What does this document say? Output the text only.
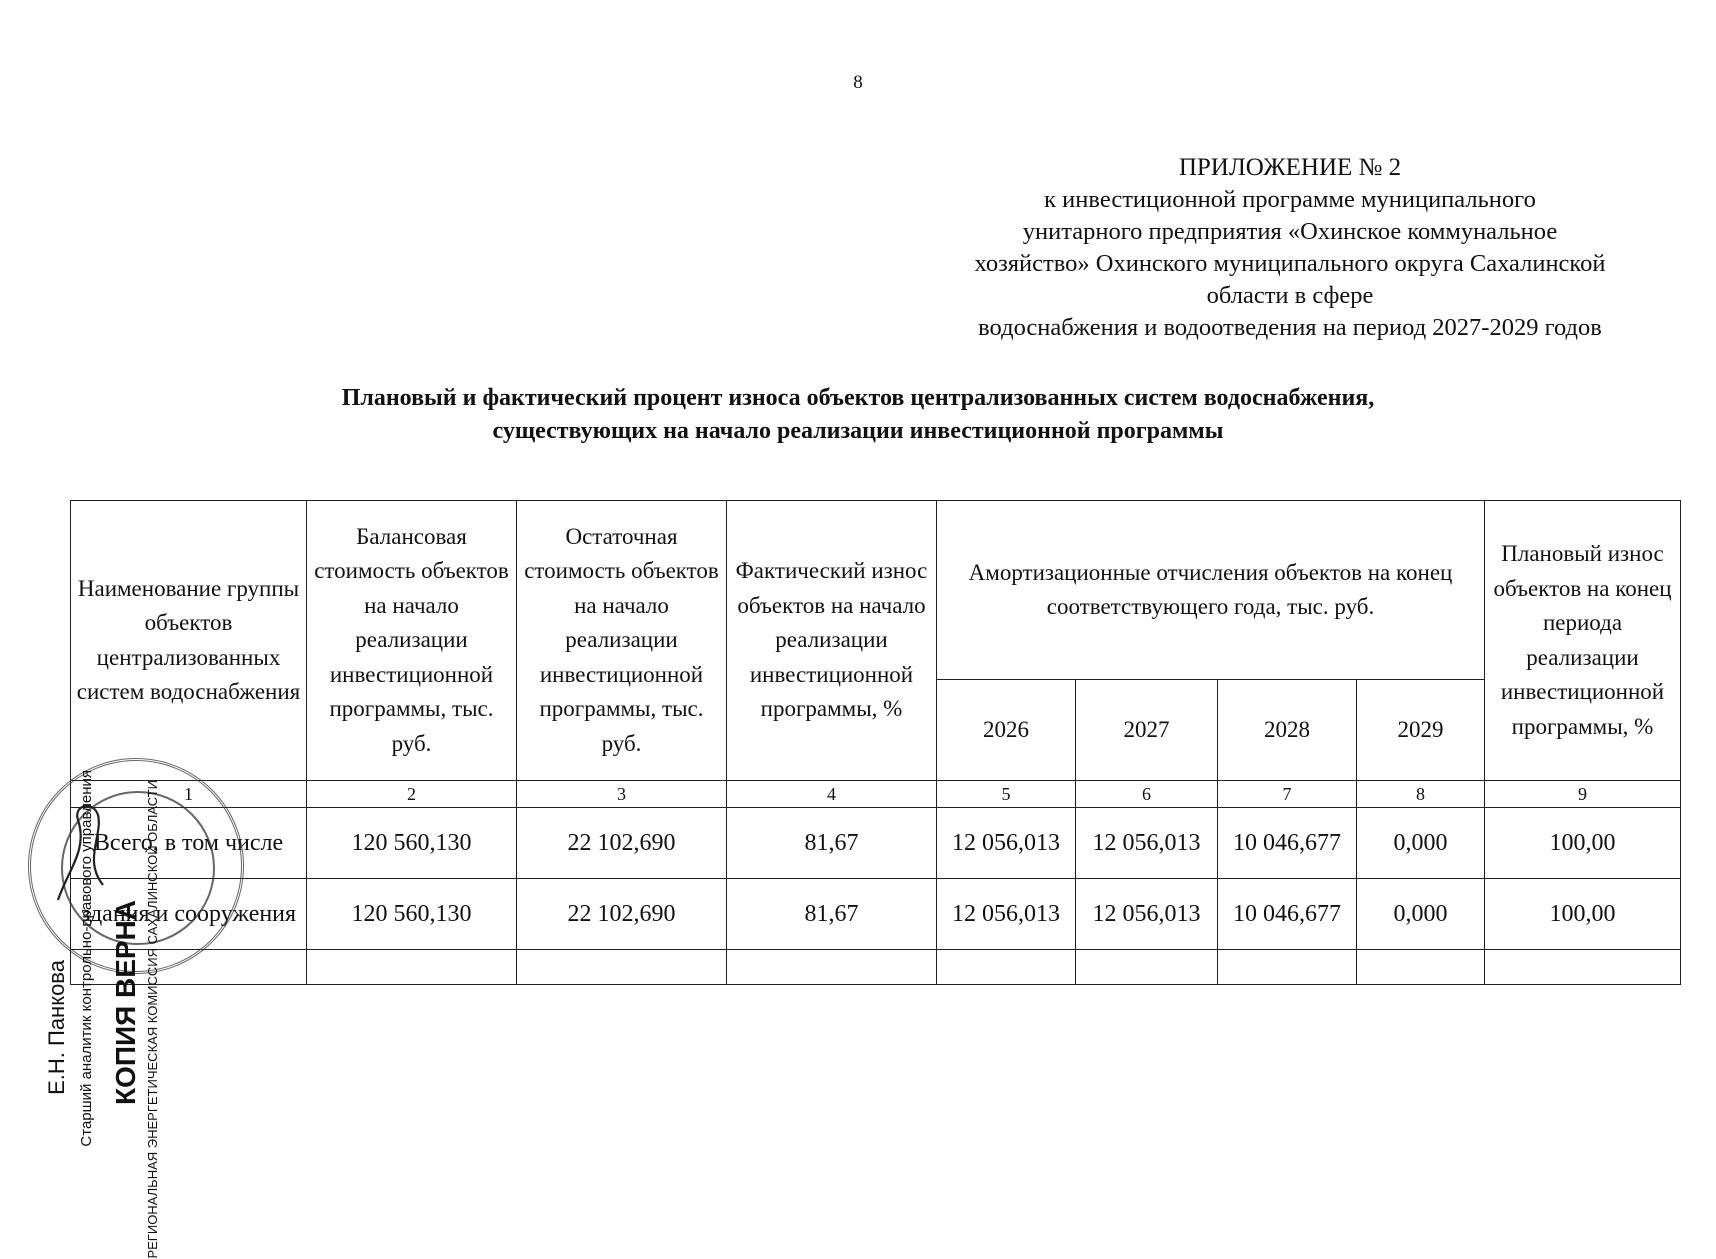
8
ПРИЛОЖЕНИЕ № 2
к инвестиционной программе муниципального
унитарного предприятия «Охинское коммунальное
хозяйство» Охинского муниципального округа Сахалинской
области в сфере
водоснабжения и водоотведения на период 2027-2029 годов
Плановый и фактический процент износа объектов централизованных систем водоснабжения,
существующих на начало реализации инвестиционной программы
Наименование группы объектов централизованных систем водоснабжения	Балансовая стоимость объектов на начало реализации инвестиционной программы, тыс. руб.	Остаточная стоимость объектов на начало реализации инвестиционной программы, тыс. руб.	Фактический износ объектов на начало реализации инвестиционной программы, %	Амортизационные отчисления объектов на конец соответствующего года, тыс. руб.				Плановый износ объектов на конец периода реализации инвестиционной программы, %
				2026	2027	2028	2029	
1	2	3	4	5	6	7	8	9
Всего, в том числе	120 560,130	22 102,690	81,67	12 056,013	12 056,013	10 046,677	0,000	100,00
здания и сооружения	120 560,130	22 102,690	81,67	12 056,013	12 056,013	10 046,677	0,000	100,00

Е.Н. Панкова Старший аналитик контрольно-правового управления КОПИЯ ВЕРНА РЕГИОНАЛЬНАЯ ЭНЕРГЕТИЧЕСКАЯ КОМИССИЯ САХАЛИНСКОЙ ОБЛАСТИ
